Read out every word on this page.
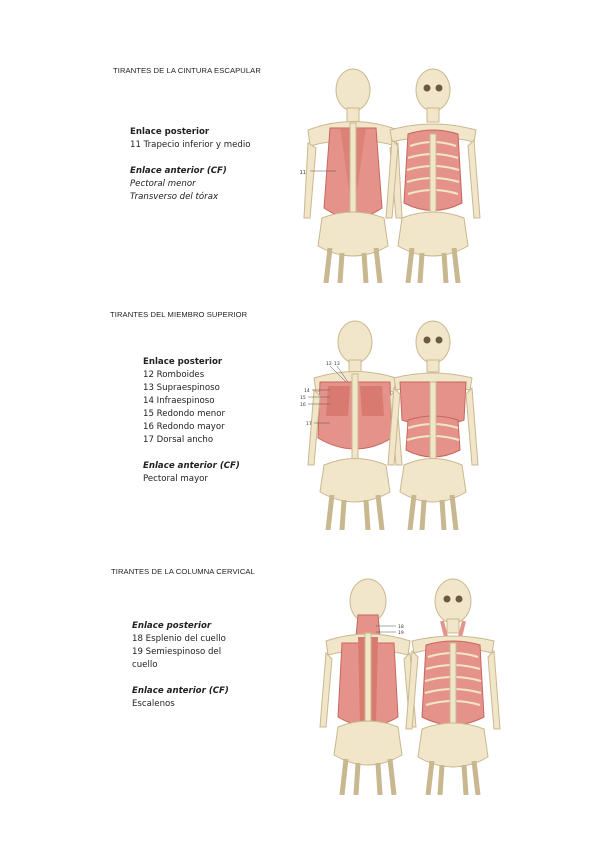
TIRANTES DE LA CINTURA ESCAPULAR
Enlace posterior
11 Trapecio inferior y medio
Enlace anterior (CF)
Pectoral menor
Transverso del tórax
11
TIRANTES DEL MIEMBRO SUPERIOR
Enlace posterior
12 Romboides
13 Supraespinoso
14 Infraespinoso
15 Redondo menor
16 Redondo mayor
17 Dorsal ancho
Enlace anterior (CF)
Pectoral mayor
12 13
14
15
16
17
TIRANTES DE LA COLUMNA CERVICAL
Enlace posterior
18 Esplenio del cuello
19 Semiespinoso del cuello
Enlace anterior (CF)
Escalenos
18
19
